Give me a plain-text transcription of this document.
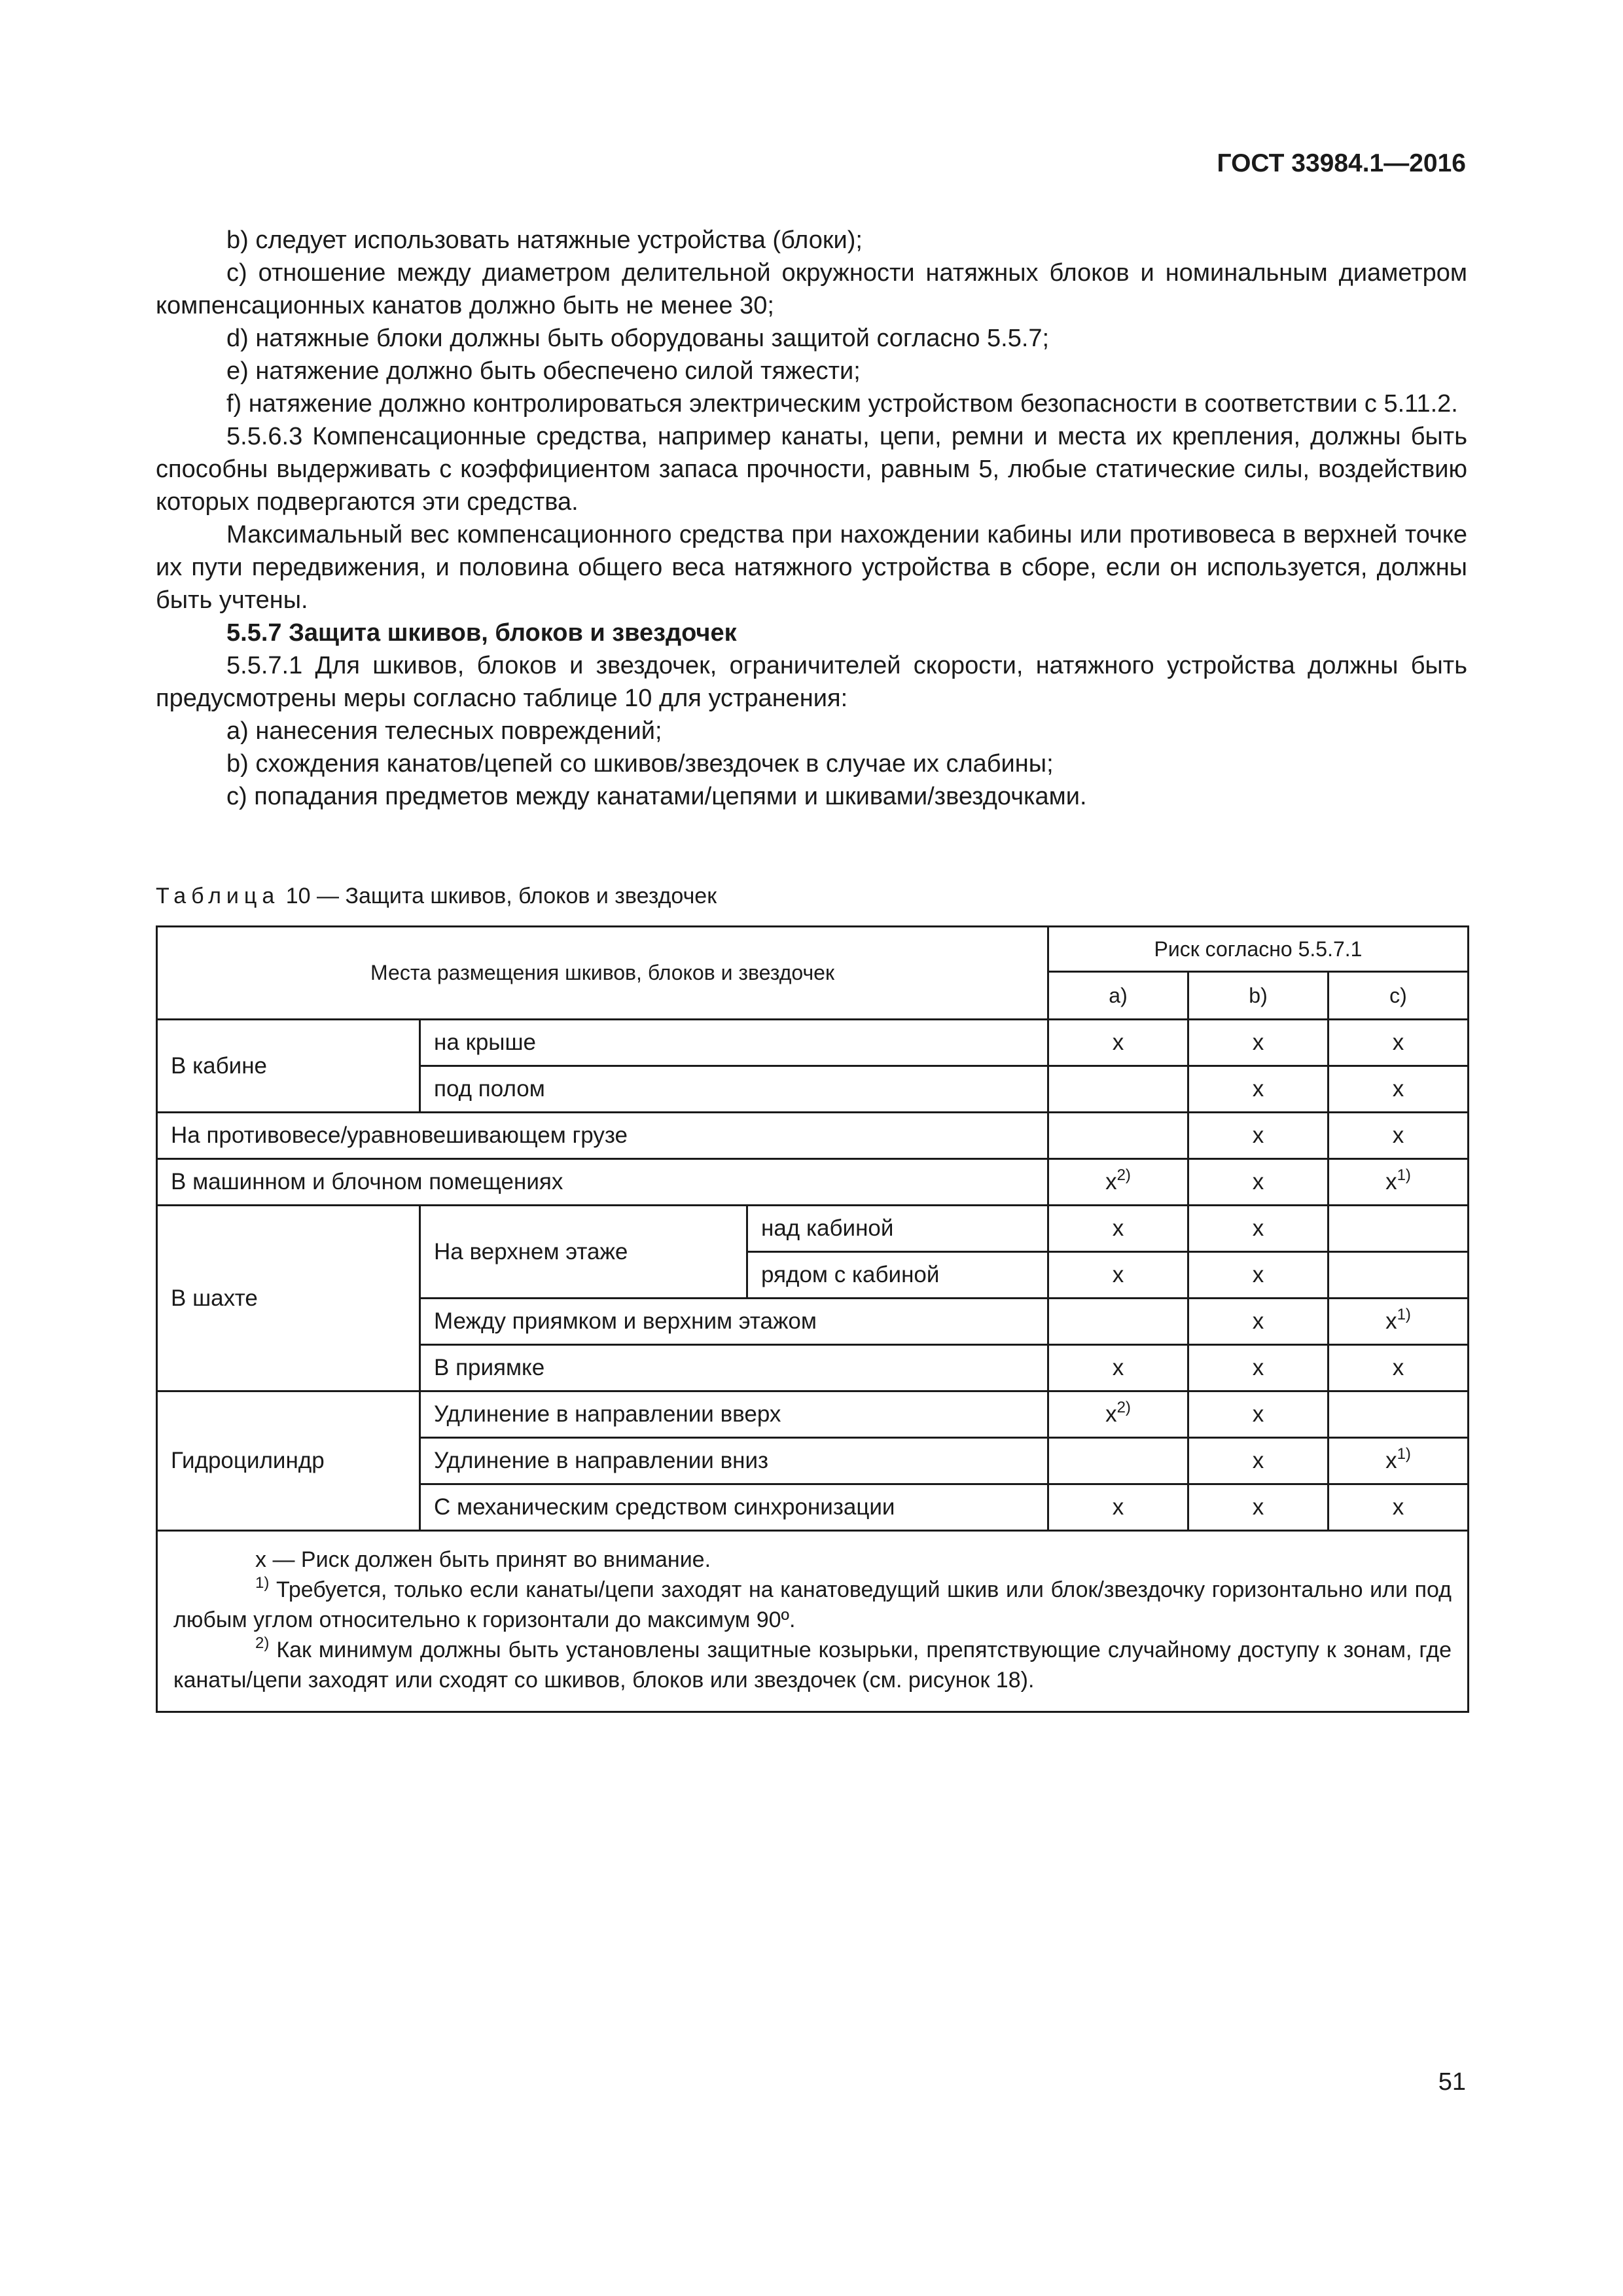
ГОСТ 33984.1—2016

b) следует использовать натяжные устройства (блоки);

c) отношение между диаметром делительной окружности натяжных блоков и номинальным диаметром компенсационных канатов должно быть не менее 30;

d) натяжные блоки должны быть оборудованы защитой согласно 5.5.7;

e) натяжение должно быть обеспечено силой тяжести;

f) натяжение должно контролироваться электрическим устройством безопасности в соответствии с 5.11.2.

5.5.6.3 Компенсационные средства, например канаты, цепи, ремни и места их крепления, должны быть способны выдерживать с коэффициентом запаса прочности, равным 5, любые статические силы, воздействию которых подвергаются эти средства.

Максимальный вес компенсационного средства при нахождении кабины или противовеса в верхней точке их пути передвижения, и половина общего веса натяжного устройства в сборе, если он используется, должны быть учтены.

5.5.7 Защита шкивов, блоков и звездочек

5.5.7.1 Для шкивов, блоков и звездочек, ограничителей скорости, натяжного устройства должны быть предусмотрены меры согласно таблице 10 для устранения:

a) нанесения телесных повреждений;

b) схождения канатов/цепей со шкивов/звездочек в случае их слабины;

c) попадания предметов между канатами/цепями и шкивами/звездочками.

Таблица 10 — Защита шкивов, блоков и звездочек
Места размещения шкивов, блоков и звездочек			Риск согласно 5.5.7.1		
			a)	b)	c)
В кабине	на крыше		x	x	x
	под полом			x	x
На противовесе/уравновешивающем грузе				x	x
В машинном и блочном помещениях			$x^{2)}$	x	$x^{1)}$
В шахте	На верхнем этаже	над кабиной	x	x	
		рядом с кабиной	x	x	
	Между приямком и верхним этажом			x	$x^{1)}$
	В приямке		x	x	x
Гидроцилиндр	Удлинение в направлении вверх		$x^{2)}$	x	
	Удлинение в направлении вниз			x	$x^{1)}$
	С механическим средством синхронизации		x	x	x

x — Риск должен быть принят во внимание.

$^{1)}$ Требуется, только если канаты/цепи заходят на канатоведущий шкив или блок/звездочку горизонтально или под любым углом относительно к горизонтали до максимум 90º.

$^{2)}$ Как минимум должны быть установлены защитные козырьки, препятствующие случайному доступу к зонам, где канаты/цепи заходят или сходят со шкивов, блоков или звездочек (см. рисунок 18).					

51
